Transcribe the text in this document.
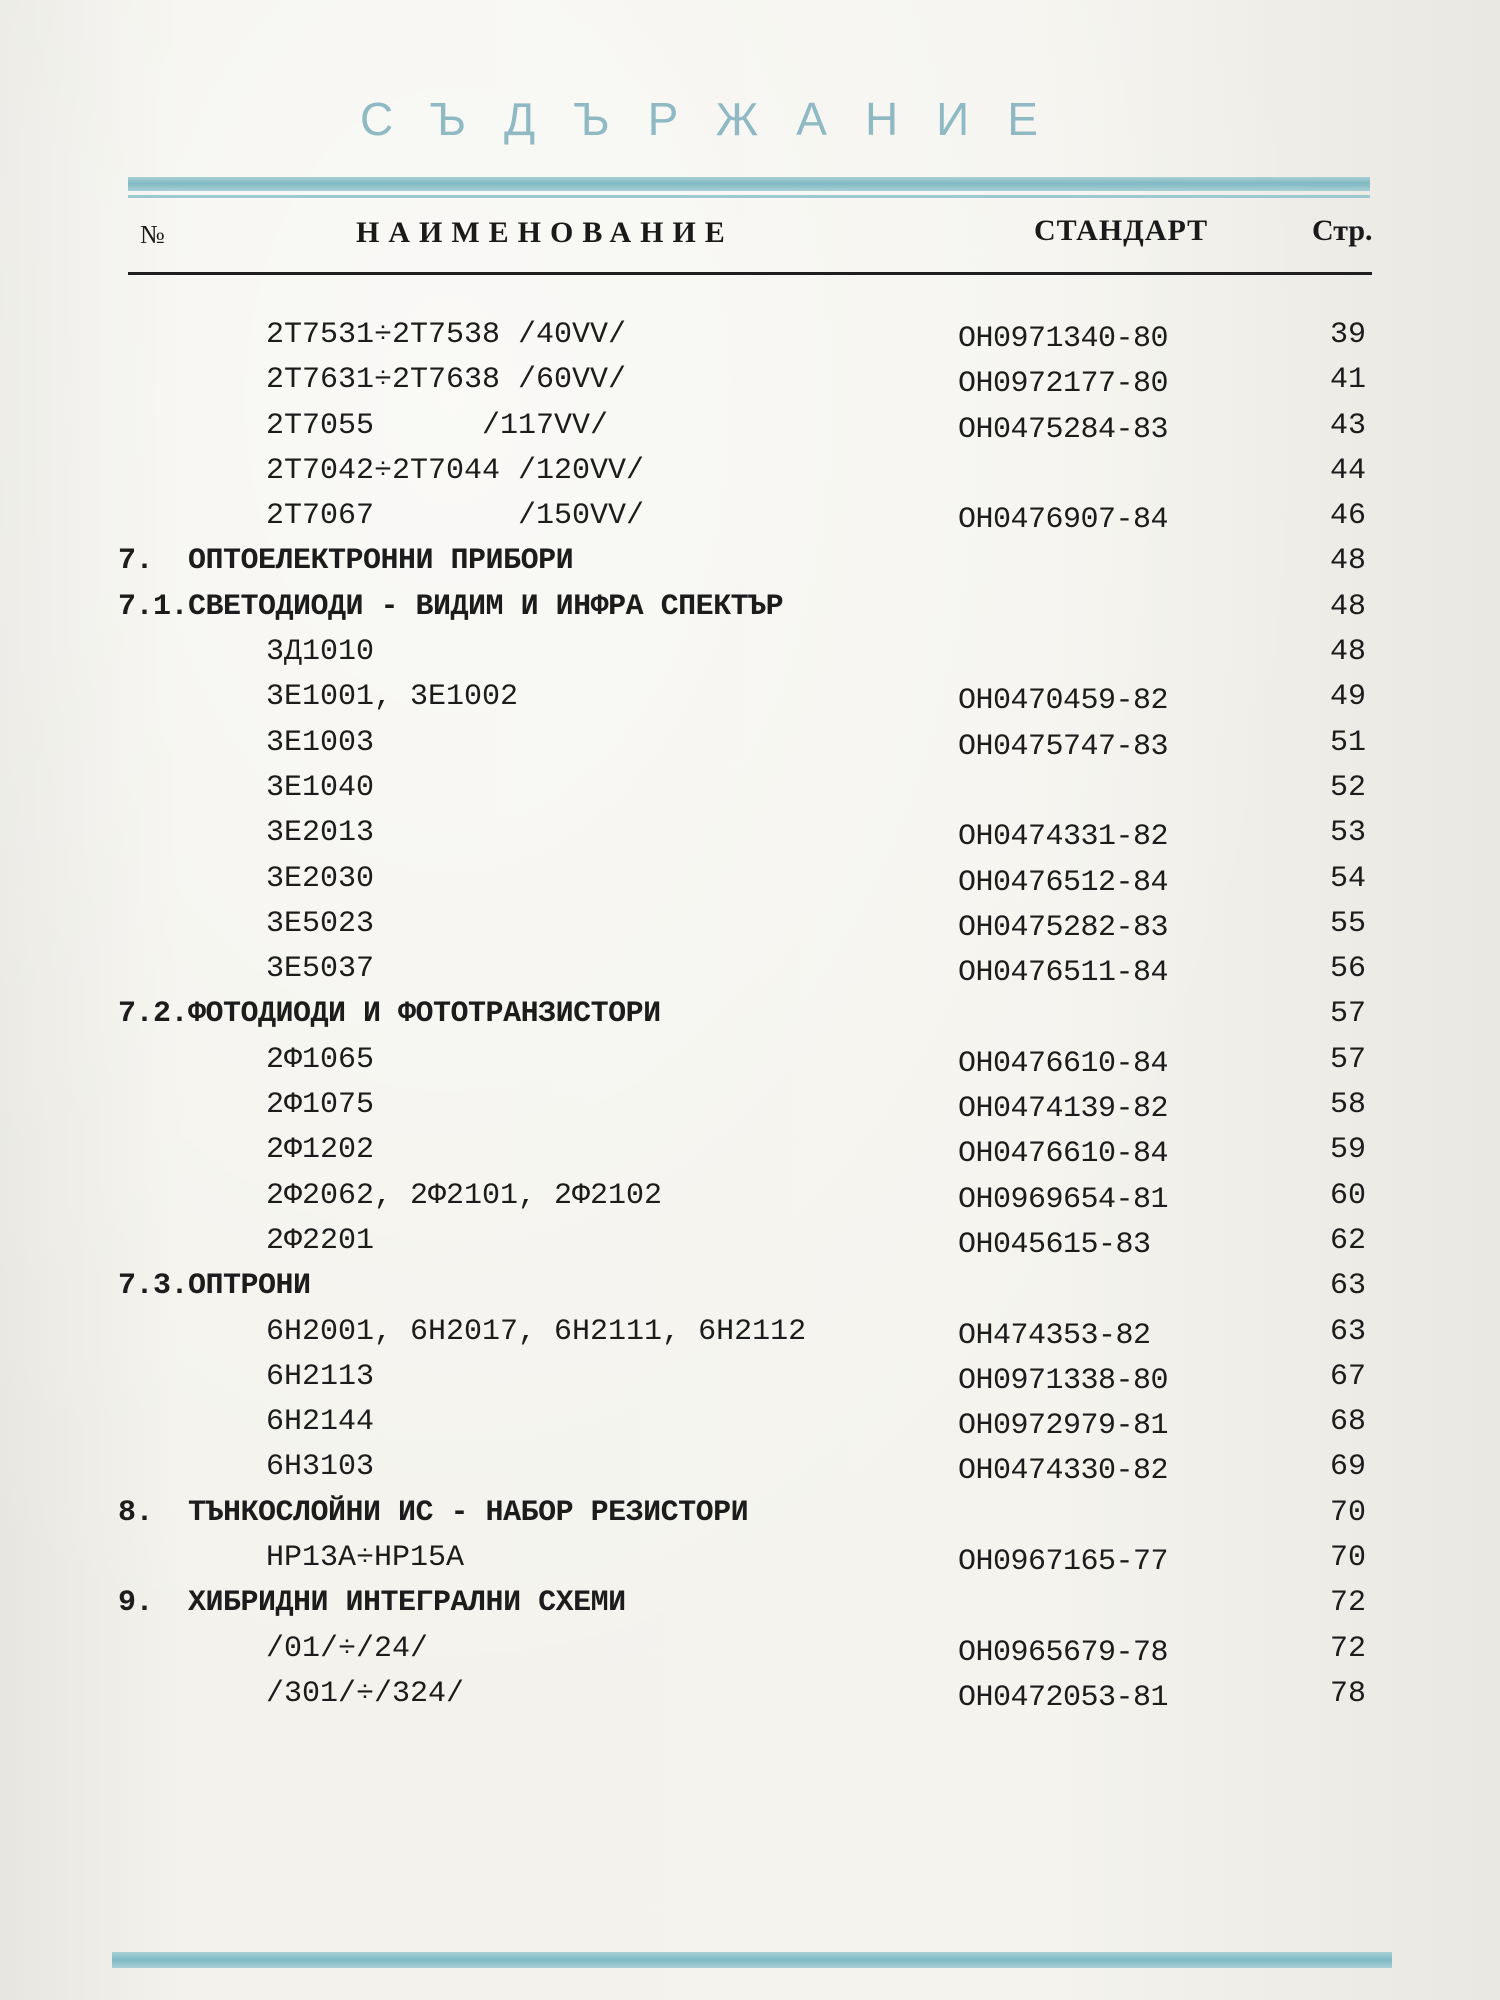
СЪДЪРЖАНИЕ
№	НАИМЕНОВАНИЕ	СТАНДАРТ	Стр.
2Т7531÷2Т7538 /40VV/	ОН0971340-80	39
2Т7631÷2Т7638 /60VV/	ОН0972177-80	41
2Т7055      /117VV/	ОН0475284-83	43
2Т7042÷2Т7044 /120VV/	44
2Т7067        /150VV/	ОН0476907-84	46
7.  ОПТОЕЛЕКТРОННИ ПРИБОРИ	48
7.1.СВЕТОДИОДИ - ВИДИМ И ИНФРА СПЕКТЪР	48
3Д1010	48
3Е1001, 3Е1002	ОН0470459-82	49
3Е1003	ОН0475747-83	51
3Е1040	52
3Е2013	ОН0474331-82	53
3Е2030	ОН0476512-84	54
3Е5023	ОН0475282-83	55
3Е5037	ОН0476511-84	56
7.2.ФОТОДИОДИ И ФОТОТРАНЗИСТОРИ	57
2Ф1065	ОН0476610-84	57
2Ф1075	ОН0474139-82	58
2Ф1202	ОН0476610-84	59
2Ф2062, 2Ф2101, 2Ф2102	ОН0969654-81	60
2Ф2201	ОН045615-83	62
7.3.ОПТРОНИ	63
6Н2001, 6Н2017, 6Н2111, 6Н2112	ОН474353-82	63
6Н2113	ОН0971338-80	67
6Н2144	ОН0972979-81	68
6Н3103	ОН0474330-82	69
8.  ТЪНКОСЛОЙНИ ИС - НАБОР РЕЗИСТОРИ	70
НР13А÷НР15А	ОН0967165-77	70
9.  ХИБРИДНИ ИНТЕГРАЛНИ СХЕМИ	72
/01/÷/24/	ОН0965679-78	72
/301/÷/324/	ОН0472053-81	78
